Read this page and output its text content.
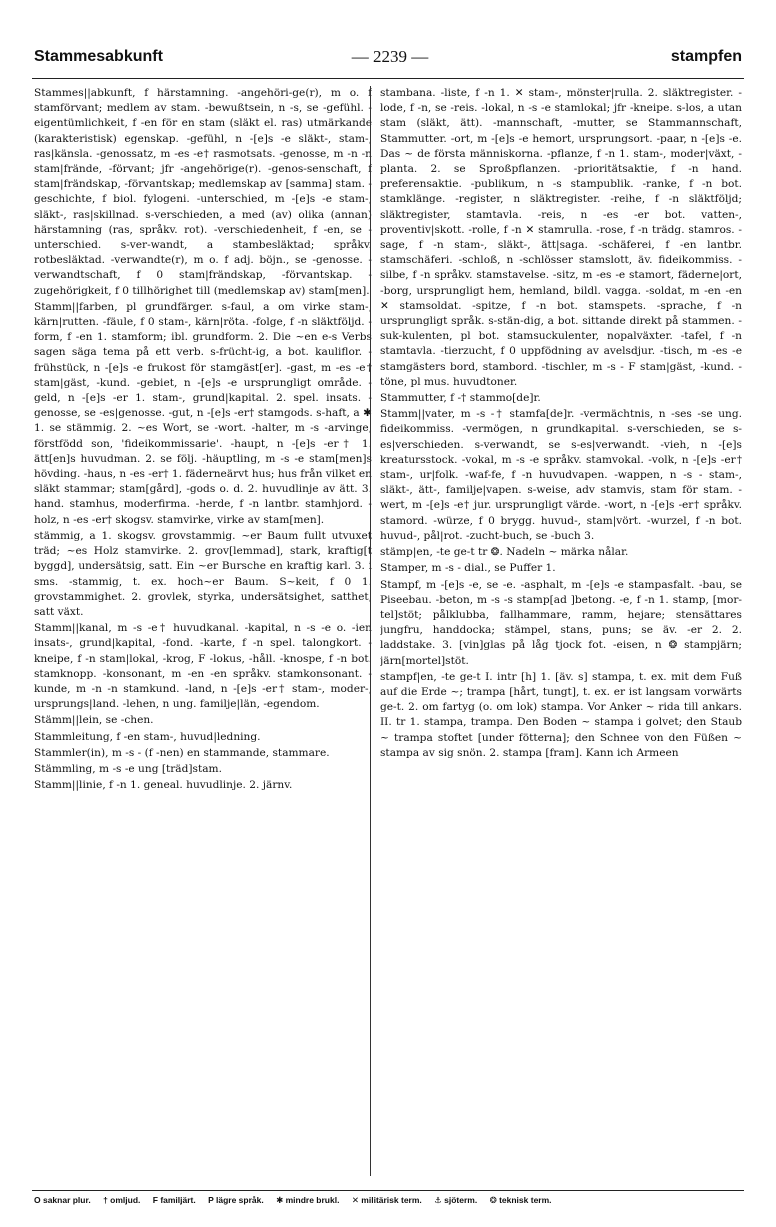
Stammesabkunft	— 2239 —	stampfen

Stammes||abkunft, f härstamning. -angehöri-ge(r), m o. f stamförvant; medlem av stam. -bewußtsein, n -s, se -gefühl. -eigentümlichkeit, f -en för en stam (släkt el. ras) utmärkande (karakteristisk) egenskap. -gefühl, n -[e]s -e släkt-, stam-, ras|känsla. -genossatz, m -es -e† rasmotsats. -genosse, m -n -n stam|frände, -förvant; jfr -angehörige(r). -genos-senschaft, f stam|frändskap, -förvantskap; medlemskap av [samma] stam. -geschichte, f biol. fylogeni. -unterschied, m -[e]s -e stam-, släkt-, ras|skillnad. s-verschieden, a med (av) olika (annan) härstamning (ras, språkv. rot). -verschiedenheit, f -en, se -unterschied. s-ver-wandt, a stambesläktad; språkv. rotbesläktad. -verwandte(r), m o. f adj. böjn., se -genosse. -verwandtschaft, f 0 stam|frändskap, -förvantskap. -zugehörigkeit, f 0 tillhörighet till (medlemskap av) stam[men].

Stamm||farben, pl grundfärger. s-faul, a om virke stam-, kärn|rutten. -fäule, f 0 stam-, kärn|röta. -folge, f -n släktföljd. -form, f -en 1. stamform; ibl. grundform. 2. Die ~en e-s Verbs sagen säga tema på ett verb. s-frücht-ig, a bot. kauliflor. -frühstück, n -[e]s -e frukost för stamgäst[er]. -gast, m -es -e† stam|gäst, -kund. -gebiet, n -[e]s -e ursprungligt område. -geld, n -[e]s -er 1. stam-, grund|kapital. 2. spel. insats. -genosse, se -es|genosse. -gut, n -[e]s -er† stamgods. s-haft, a ✱ 1. se stämmig. 2. ~es Wort, se -wort. -halter, m -s -arvinge, förstfödd son, 'fideikommissarie'. -haupt, n -[e]s -er† 1. ätt[en]s huvudman. 2. se följ. -häuptling, m -s -e stam[men]s hövding. -haus, n -es -er† 1. fäderneärvt hus; hus från vilket en släkt stammar; stam[gård], -gods o. d. 2. huvudlinje av ätt. 3. hand. stamhus, moderfirma. -herde, f -n lantbr. stamhjord. -holz, n -es -er† skogsv. stamvirke, virke av stam[men].

stämmig, a 1. skogsv. grovstammig. ~er Baum fullt utvuxet träd; ~es Holz stamvirke. 2. grov[lemmad], stark, kraftig[t byggd], undersätsig, satt. Ein ~er Bursche en kraftig karl. 3. i sms. -stammig, t. ex. hoch~er Baum. S~keit, f 0 1. grovstammighet. 2. grovlek, styrka, undersätsighet, satthet, satt växt.

Stamm||kanal, m -s -e† huvudkanal. -kapital, n -s -e o. -ien insats-, grund|kapital, -fond. -karte, f -n spel. talongkort. -kneipe, f -n stam|lokal, -krog, F -lokus, -håll. -knospe, f -n bot. stamknopp. -konsonant, m -en -en språkv. stamkonsonant. -kunde, m -n -n stamkund. -land, n -[e]s -er† stam-, moder-, ursprungs|land. -lehen, n ung. familje|län, -egendom.

Stämm||lein, se -chen.

Stammleitung, f -en stam-, huvud|ledning.

Stammler(in), m -s - (f -nen) en stammande, stammare.

Stämmling, m -s -e ung [träd]stam.

Stamm||linie, f -n 1. geneal. huvudlinje. 2. järnv.

stambana. -liste, f -n 1. ✕ stam-, mönster|rulla. 2. släktregister. -lode, f -n, se -reis. -lokal, n -s -e stamlokal; jfr -kneipe. s-los, a utan stam (släkt, ätt). -mannschaft, -mutter, se Stammannschaft, Stammutter. -ort, m -[e]s -e hemort, ursprungsort. -paar, n -[e]s -e. Das ~ de första människorna. -pflanze, f -n 1. stam-, moder|växt, -planta. 2. se Sproßpflanzen. -prioritätsaktie, f -n hand. preferensaktie. -publikum, n -s stampublik. -ranke, f -n bot. stamklänge. -register, n släktregister. -reihe, f -n släktföljd; släktregister, stamtavla. -reis, n -es -er bot. vatten-, proventiv|skott. -rolle, f -n ✕ stamrulla. -rose, f -n trädg. stamros. -sage, f -n stam-, släkt-, ätt|saga. -schäferei, f -en lantbr. stamschäferi. -schloß, n -schlösser stamslott, äv. fideikommiss. -silbe, f -n språkv. stamstavelse. -sitz, m -es -e stamort, fäderne|ort, -borg, ursprungligt hem, hemland, bildl. vagga. -soldat, m -en -en ✕ stamsoldat. -spitze, f -n bot. stamspets. -sprache, f -n ursprungligt språk. s-stän-dig, a bot. sittande direkt på stammen. -suk-kulenten, pl bot. stamsuckulenter, nopalväxter. -tafel, f -n stamtavla. -tierzucht, f 0 uppfödning av avelsdjur. -tisch, m -es -e stamgästers bord, stambord. -tischler, m -s - F stam|gäst, -kund. -töne, pl mus. huvudtoner.

Stammutter, f -† stammo[de]r.

Stamm||vater, m -s -† stamfa[de]r. -vermächtnis, n -ses -se ung. fideikommiss. -vermögen, n grundkapital. s-verschieden, se s-es|verschieden. s-verwandt, se s-es|verwandt. -vieh, n -[e]s kreatursstock. -vokal, m -s -e språkv. stamvokal. -volk, n -[e]s -er† stam-, ur|folk. -waf-fe, f -n huvudvapen. -wappen, n -s - stam-, släkt-, ätt-, familje|vapen. s-weise, adv stamvis, stam för stam. -wert, m -[e]s -e† jur. ursprungligt värde. -wort, n -[e]s -er† språkv. stamord. -würze, f 0 brygg. huvud-, stam|vört. -wurzel, f -n bot. huvud-, pål|rot. -zucht-buch, se -buch 3.

stämp|en, -te ge-t tr ❂. Nadeln ~ märka nålar.

Stamper, m -s - dial., se Puffer 1.

Stampf, m -[e]s -e, se -e. -asphalt, m -[e]s -e stampasfalt. -bau, se Piseebau. -beton, m -s -s stamp[ad ]betong. -e, f -n 1. stamp, [mor-tel]stöt; pålklubba, fallhammare, ramm, hejare; stensättares jungfru, handdocka; stämpel, stans, puns; se äv. -er 2. 2. laddstake. 3. [vin]glas på låg tjock fot. -eisen, n ❂ stampjärn; järn[mortel]stöt.

stampf|en, -te ge-t I. intr [h] 1. [äv. s] stampa, t. ex. mit dem Fuß auf die Erde ~; trampa [hårt, tungt], t. ex. er ist langsam vorwärts ge-t. 2. om fartyg (o. om lok) stampa. Vor Anker ~ rida till ankars. II. tr 1. stampa, trampa. Den Boden ~ stampa i golvet; den Staub ~ trampa stoftet [under fötterna]; den Schnee von den Füßen ~ stampa av sig snön. 2. stampa [fram]. Kann ich Armeen

O saknar plur. † omljud. F familjärt. P lägre språk. ✱ mindre brukl. ✕ militärisk term. ⚓ sjöterm. ❂ teknisk term.
